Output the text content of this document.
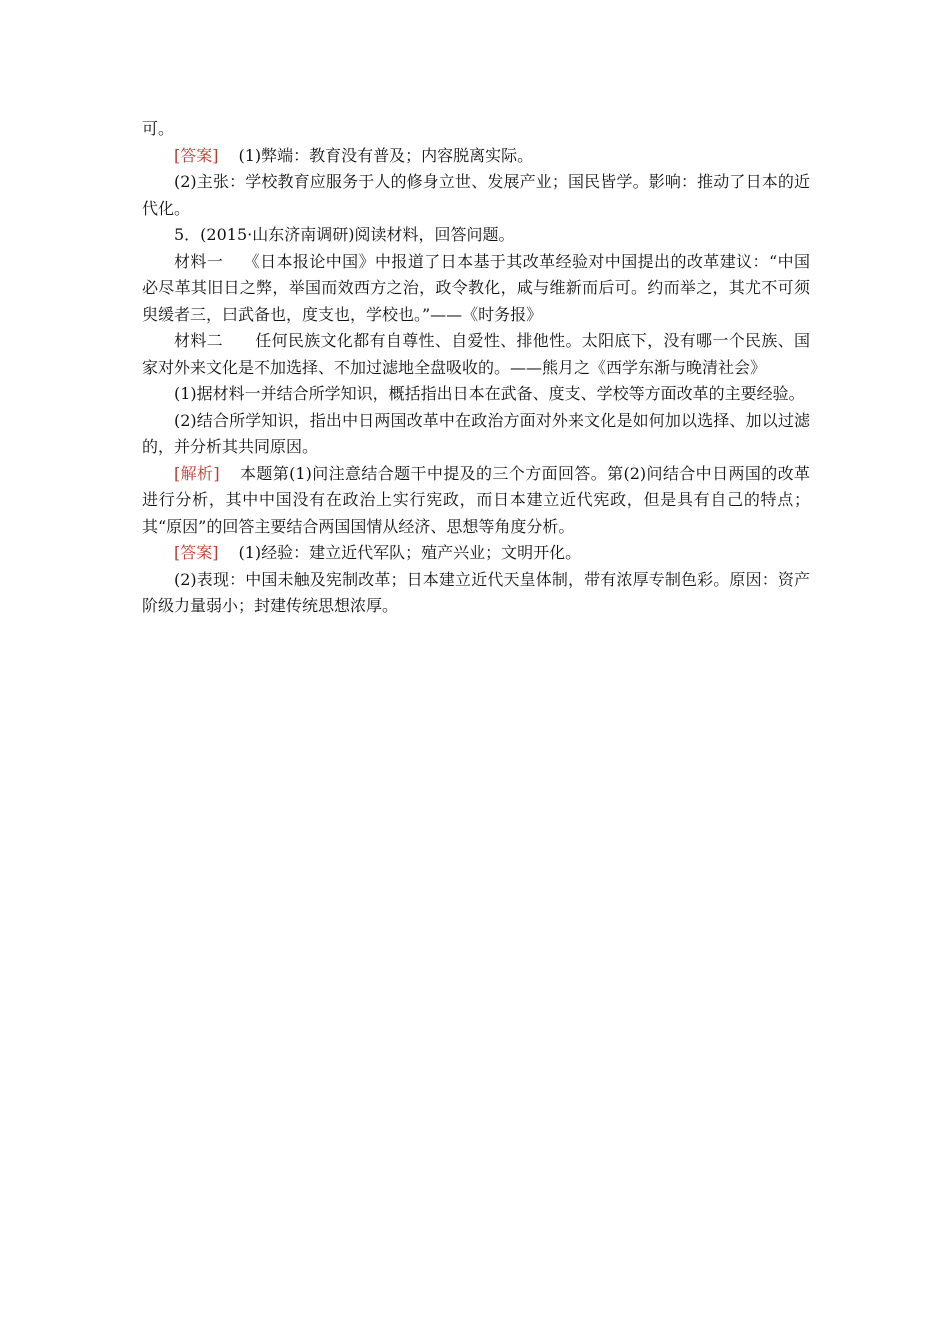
可。

[答案] (1)弊端：教育没有普及；内容脱离实际。

(2)主张：学校教育应服务于人的修身立世、发展产业；国民皆学。影响：推动了日本的近代化。

5．(2015·山东济南调研)阅读材料，回答问题。

材料一 《日本报论中国》中报道了日本基于其改革经验对中国提出的改革建议：“中国必尽革其旧日之弊，举国而效西方之治，政令教化，咸与维新而后可。约而举之，其尤不可须臾缓者三，曰武备也，度支也，学校也。”——《时务报》

材料二 任何民族文化都有自尊性、自爱性、排他性。太阳底下，没有哪一个民族、国家对外来文化是不加选择、不加过滤地全盘吸收的。——熊月之《西学东渐与晚清社会》

(1)据材料一并结合所学知识，概括指出日本在武备、度支、学校等方面改革的主要经验。

(2)结合所学知识，指出中日两国改革中在政治方面对外来文化是如何加以选择、加以过滤的，并分析其共同原因。

[解析] 本题第(1)问注意结合题干中提及的三个方面回答。第(2)问结合中日两国的改革进行分析，其中中国没有在政治上实行宪政，而日本建立近代宪政，但是具有自己的特点；其“原因”的回答主要结合两国国情从经济、思想等角度分析。

[答案] (1)经验：建立近代军队；殖产兴业；文明开化。

(2)表现：中国未触及宪制改革；日本建立近代天皇体制，带有浓厚专制色彩。原因：资产阶级力量弱小；封建传统思想浓厚。
